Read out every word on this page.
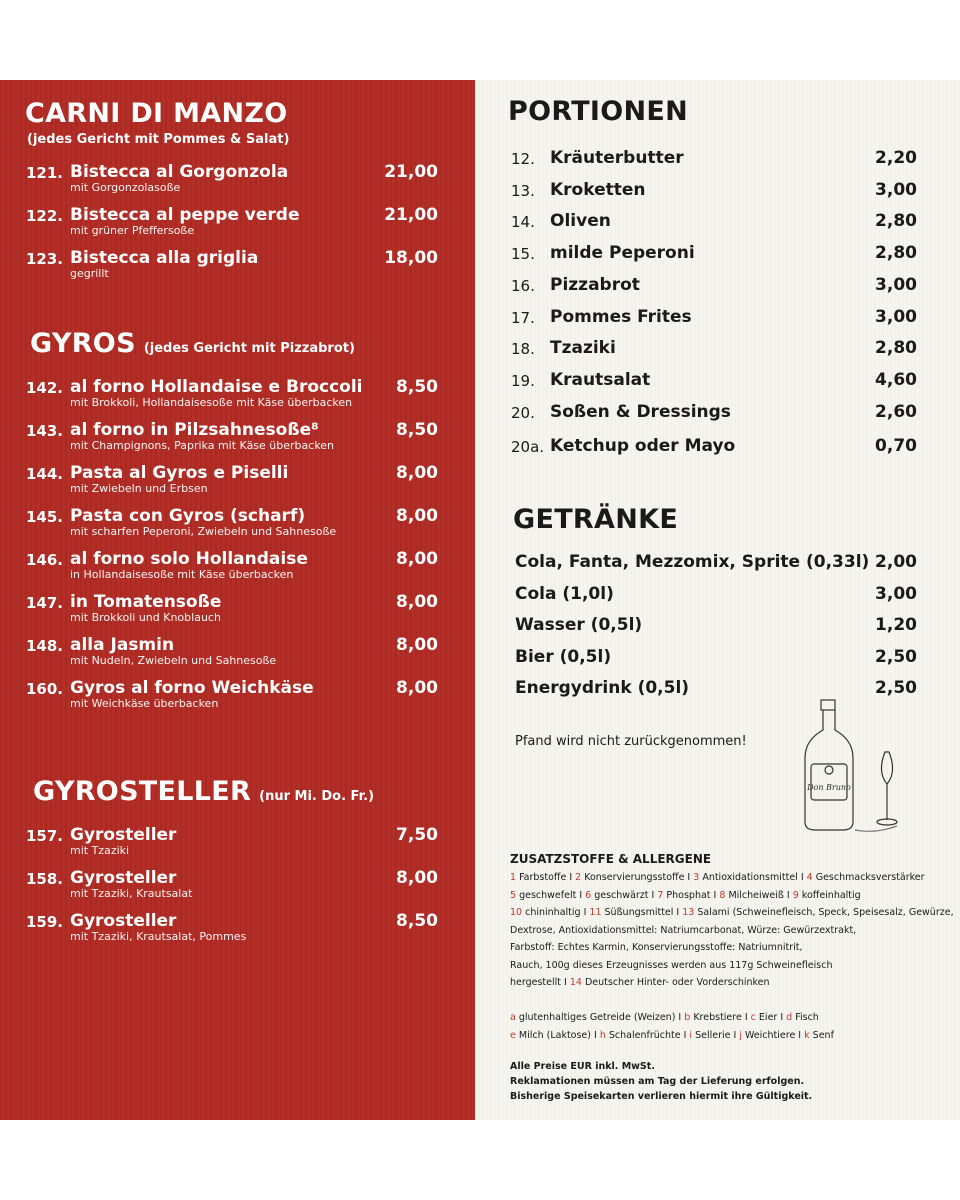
CARNI DI MANZO
(jedes Gericht mit Pommes & Salat)
121. Bistecca al Gorgonzola
mit Gorgonzolasoße
21,00
122. Bistecca al peppe verde
mit grüner Pfeffersoße
21,00
123. Bistecca alla griglia
gegrillt
18,00
GYROS (jedes Gericht mit Pizzabrot)
142. al forno Hollandaise e Broccoli
mit Brokkoli, Hollandaisesoße mit Käse überbacken
8,50
143. al forno in Pilzsahnesoße⁸
mit Champignons, Paprika mit Käse überbacken
8,50
144. Pasta al Gyros e Piselli
mit Zwiebeln und Erbsen
8,00
145. Pasta con Gyros (scharf)
mit scharfen Peperoni, Zwiebeln und Sahnesoße
8,00
146. al forno solo Hollandaise
in Hollandaisesoße mit Käse überbacken
8,00
147. in Tomatensoße
mit Brokkoli und Knoblauch
8,00
148. alla Jasmin
mit Nudeln, Zwiebeln und Sahnesoße
8,00
160. Gyros al forno Weichkäse
mit Weichkäse überbacken
8,00
GYROSTELLER (nur Mi. Do. Fr.)
157. Gyrosteller
mit Tzaziki
7,50
158. Gyrosteller
mit Tzaziki, Krautsalat
8,00
159. Gyrosteller
mit Tzaziki, Krautsalat, Pommes
8,50
PORTIONEN
12. Kräuterbutter	2,20
13. Kroketten	3,00
14. Oliven	2,80
15. milde Peperoni	2,80
16. Pizzabrot	3,00
17. Pommes Frites	3,00
18. Tzaziki	2,80
19. Krautsalat	4,60
20. Soßen & Dressings	2,60
20a. Ketchup oder Mayo	0,70
GETRÄNKE
Cola, Fanta, Mezzomix, Sprite (0,33l) 2,00
Cola (1,0l)	3,00
Wasser (0,5l)	1,20
Bier (0,5l)	2,50
Energydrink (0,5l)	2,50
Pfand wird nicht zurückgenommen!
Don Bruno
ZUSATZSTOFFE & ALLERGENE
1 Farbstoffe I 2 Konservierungsstoffe I 3 Antioxidationsmittel I 4 Geschmacksverstärker
5 geschwefelt I 6 geschwärzt I 7 Phosphat I 8 Milcheiweiß I 9 koffeinhaltig
10 chininhaltig I 11 Süßungsmittel I 13 Salami (Schweinefleisch, Speck, Speisesalz, Gewürze,
Dextrose, Antioxidationsmittel: Natriumcarbonat, Würze: Gewürzextrakt,
Farbstoff: Echtes Karmin, Konservierungsstoffe: Natriumnitrit,
Rauch, 100g dieses Erzeugnisses werden aus 117g Schweinefleisch
hergestellt I 14 Deutscher Hinter- oder Vorderschinken
a glutenhaltiges Getreide (Weizen) I b Krebstiere I c Eier I d Fisch
e Milch (Laktose) I h Schalenfrüchte I i Sellerie I j Weichtiere I k Senf
Alle Preise EUR inkl. MwSt.
Reklamationen müssen am Tag der Lieferung erfolgen.
Bisherige Speisekarten verlieren hiermit ihre Gültigkeit.
